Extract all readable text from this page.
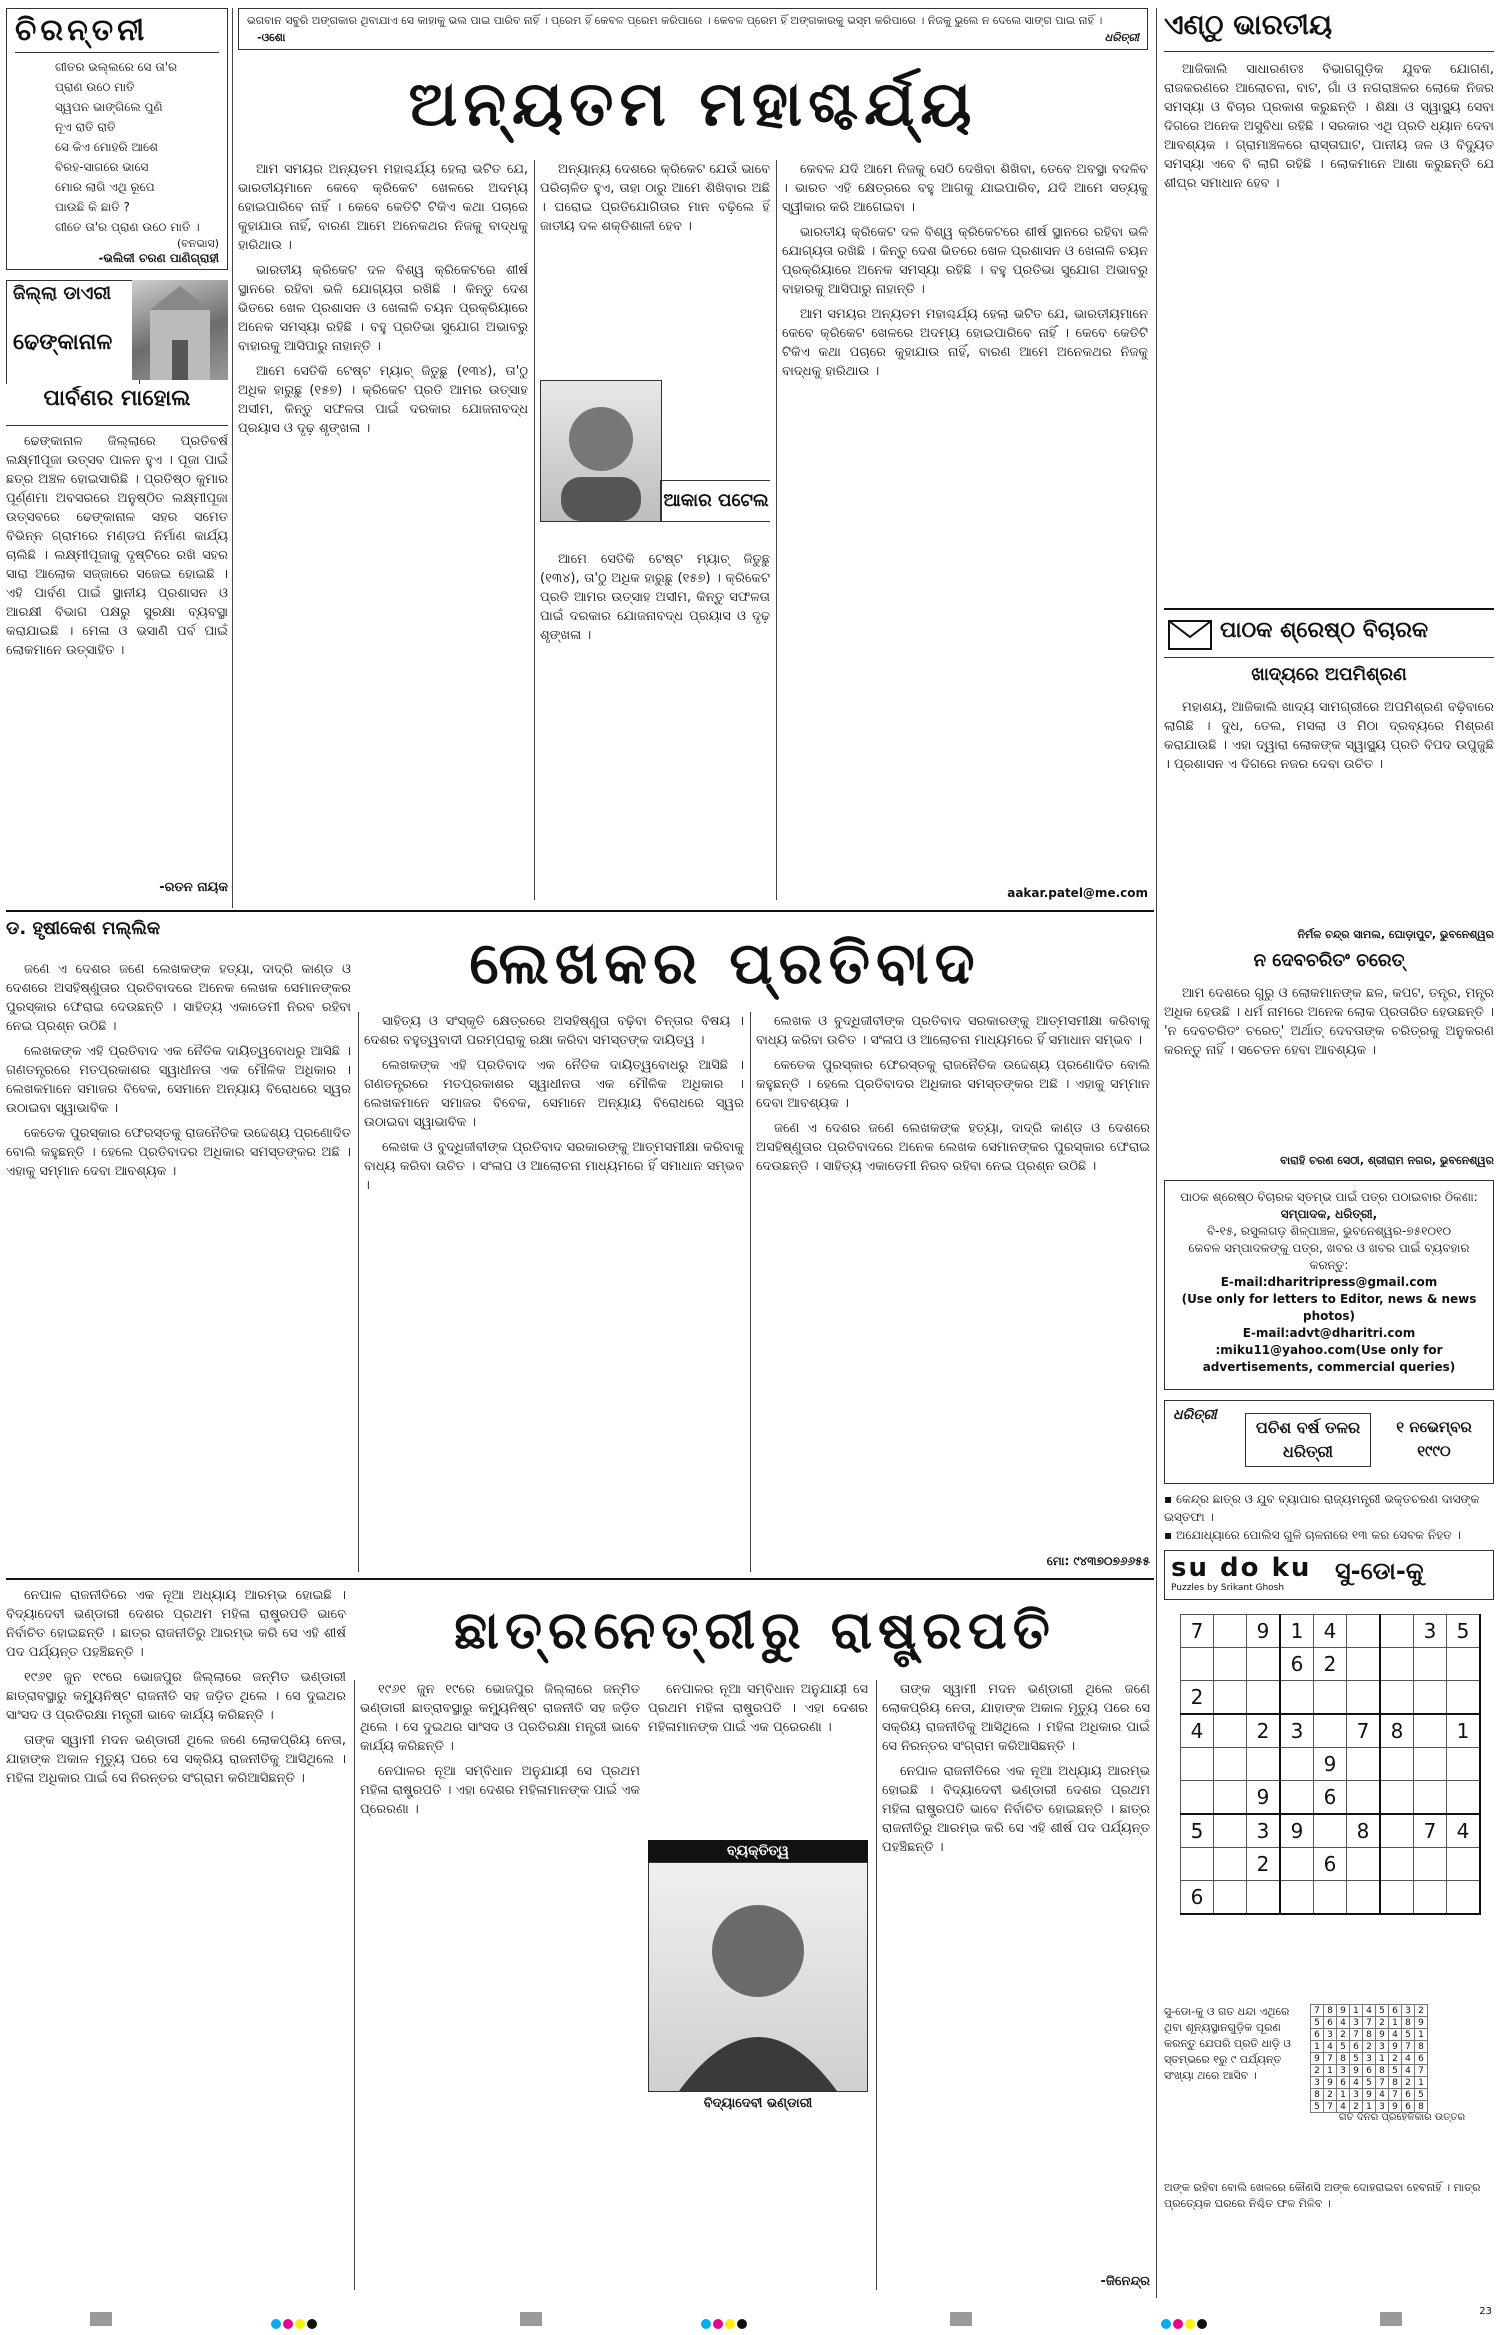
ଚିରନ୍ତନୀ
ଗୀତର ଭଲ୍ଲରେ ସେ ତା'ର
ପ୍ରାଣ ଉଠେ ମାତି
ସ୍ୱପନ ଭାଙ୍ଗିଲେ ପୁଣି
ନୂଏ ରାତି ରାତି
ସେ କିଏ ମୋହରି ଆଶେ
ବିରହ-ସାଗରେ ଭାସେ
ମୋର ଲାଗି ଏଥି ରୂପେ
ପାଉଛି କି ଛାତି ?
ଗୀତେ ତା'ର ପ୍ରାଣ ଉଠେ ମାତି ।
(ବନଭାସ)
-ଭଲିକୀ ଚରଣ ପାଣିଗ୍ରାହୀ
ଜିଲ୍ଲା ଡାଏରୀ
ଢେଙ୍କାନାଳ
ପାର୍ବଣର ମାହୋଲ

ଢେଙ୍କାନାଳ ଜିଲ୍ଲାରେ ପ୍ରତିବର୍ଷ ଲକ୍ଷ୍ମୀପୂଜା ଉତ୍ସବ ପାଳନ ହୁଏ । ପୂଜା ପାଇଁ ଛତ୍ର ଅଞ୍ଚଳ ହୋଇସାରିଛି । ପ୍ରତିଷ୍ଠ କୁମାର ପୂର୍ଣ୍ଣମା ଅବସରରେ ଅନୁଷ୍ଠିତ ଲକ୍ଷ୍ମୀପୂଜା ଉତ୍ସବରେ ଢେଙ୍କାନାଳ ସହର ସମେତ ବିଭିନ୍ନ ଗ୍ରାମରେ ମଣ୍ଡପ ନିର୍ମାଣ କାର୍ଯ୍ୟ ଚାଲିଛି । ଲକ୍ଷ୍ମୀପୂଜାକୁ ଦୃଷ୍ଟିରେ ରଖି ସହର ସାରା ଆଲୋକ ସଜ୍ଜାରେ ସଜେଇ ହୋଇଛି । ଏହି ପାର୍ବଣ ପାଇଁ ସ୍ଥାନୀୟ ପ୍ରଶାସନ ଓ ଆରକ୍ଷୀ ବିଭାଗ ପକ୍ଷରୁ ସୁରକ୍ଷା ବ୍ୟବସ୍ଥା କରାଯାଇଛି । ମେଳା ଓ ଭସାଣି ପର୍ବ ପାଇଁ ଲୋକମାନେ ଉତ୍ସାହିତ ।

-ରତନ ନାୟକ
ଭଗବାନ ସବୁରି ଅଙ୍ଗକାର ଥିବାଯାଏ ସେ କାହାକୁ ଭଲ ପାଇ ପାରିବ ନାହିଁ । ପ୍ରେମ ହିଁ କେବଳ ପ୍ରେମ କରିପାରେ । କେବଳ ପ୍ରେମ ହିଁ ଅଙ୍ଗକାରକୁ ଭସ୍ମ କରିପାରେ । ନିଜକୁ ଭୁଲେ ନ ଦେଲେ ସାଙ୍ଗ ପାଇ ନାହିଁ । -ଓଶୋ	ଧରିତ୍ରୀ
ଅନ୍ୟତମ ମହାଶ୍ଚର୍ଯ୍ୟ

ଆମ ସମୟର ଅନ୍ୟତମ ମହାଶ୍ଚର୍ଯ୍ୟ ହେଲା ଭଟିତ ଯେ, ଭାରତୀୟମାନେ କେବେ କ୍ରିକେଟ ଖେଳରେ ଅଦମ୍ୟ ହୋଇପାରିବେ ନାହିଁ । କେବେ କେତିଟି ଟିକିଏ କଥା ପଚାରେ କୁହାଯାଉ ନାହିଁ, ବାରଣ ଆମେ ଅନେକଥର ନିଜକୁ ବାଦ୍ଧକୁ ହାରିଥାଉ ।

ଭାରତୀୟ କ୍ରିକେଟ ଦଳ ବିଶ୍ୱ କ୍ରିକେଟରେ ଶୀର୍ଷ ସ୍ଥାନରେ ରହିବା ଭଳି ଯୋଗ୍ୟତା ରଖିଛି । କିନ୍ତୁ ଦେଶ ଭିତରେ ଖେଳ ପ୍ରଶାସନ ଓ ଖେଳାଳି ଚୟନ ପ୍ରକ୍ରିୟାରେ ଅନେକ ସମସ୍ୟା ରହିଛି । ବହୁ ପ୍ରତିଭା ସୁଯୋଗ ଅଭାବରୁ ବାହାରକୁ ଆସିପାରୁ ନାହାନ୍ତି ।

ଆମେ ସେତିକି ଟେଷ୍ଟ ମ୍ୟାଚ୍ ଜିତୁଛୁ (୧୩୪), ତା'ଠୁ ଅଧିକ ହାରୁଛୁ (୧୫୭) । କ୍ରିକେଟ ପ୍ରତି ଆମର ଉତ୍ସାହ ଅସୀମ, କିନ୍ତୁ ସଫଳତା ପାଇଁ ଦରକାର ଯୋଜନାବଦ୍ଧ ପ୍ରୟାସ ଓ ଦୃଢ଼ ଶୃଙ୍ଖଳା ।

ଆକାର ପଟେଲ

ଅନ୍ୟାନ୍ୟ ଦେଶରେ କ୍ରିକେଟ ଯେଉଁ ଭାବେ ପରିଚାଳିତ ହୁଏ, ତାହା ଠାରୁ ଆମେ ଶିଖିବାର ଅଛି । ଘରୋଇ ପ୍ରତିଯୋଗିତାର ମାନ ବଢ଼ିଲେ ହିଁ ଜାତୀୟ ଦଳ ଶକ୍ତିଶାଳୀ ହେବ ।

ଆମେ ସେତିକି ଟେଷ୍ଟ ମ୍ୟାଚ୍ ଜିତୁଛୁ (୧୩୪), ତା'ଠୁ ଅଧିକ ହାରୁଛୁ (୧୫୭) । କ୍ରିକେଟ ପ୍ରତି ଆମର ଉତ୍ସାହ ଅସୀମ, କିନ୍ତୁ ସଫଳତା ପାଇଁ ଦରକାର ଯୋଜନାବଦ୍ଧ ପ୍ରୟାସ ଓ ଦୃଢ଼ ଶୃଙ୍ଖଳା ।

କେବଳ ଯଦି ଆମେ ନିଜକୁ ସେଠି ଦେଖିବା ଶିଖିବା, ତେବେ ଅବସ୍ଥା ବଦଳିବ । ଭାରତ ଏହି କ୍ଷେତ୍ରରେ ବହୁ ଆଗକୁ ଯାଇପାରିବ, ଯଦି ଆମେ ସତ୍ୟକୁ ସ୍ୱୀକାର କରି ଆଗେଇବା ।

ଭାରତୀୟ କ୍ରିକେଟ ଦଳ ବିଶ୍ୱ କ୍ରିକେଟରେ ଶୀର୍ଷ ସ୍ଥାନରେ ରହିବା ଭଳି ଯୋଗ୍ୟତା ରଖିଛି । କିନ୍ତୁ ଦେଶ ଭିତରେ ଖେଳ ପ୍ରଶାସନ ଓ ଖେଳାଳି ଚୟନ ପ୍ରକ୍ରିୟାରେ ଅନେକ ସମସ୍ୟା ରହିଛି । ବହୁ ପ୍ରତିଭା ସୁଯୋଗ ଅଭାବରୁ ବାହାରକୁ ଆସିପାରୁ ନାହାନ୍ତି ।

ଆମ ସମୟର ଅନ୍ୟତମ ମହାଶ୍ଚର୍ଯ୍ୟ ହେଲା ଭଟିତ ଯେ, ଭାରତୀୟମାନେ କେବେ କ୍ରିକେଟ ଖେଳରେ ଅଦମ୍ୟ ହୋଇପାରିବେ ନାହିଁ । କେବେ କେତିଟି ଟିକିଏ କଥା ପଚାରେ କୁହାଯାଉ ନାହିଁ, ବାରଣ ଆମେ ଅନେକଥର ନିଜକୁ ବାଦ୍ଧକୁ ହାରିଥାଉ ।

aakar.patel@me.com
ଏଣ୍ଠୁ ଭାରତୀୟ

ଆଜିକାଲି ସାଧାରଣତଃ ବିଭାଗଗୁଡ଼ିକ ଯୁବକ ଯୋଗଣ, ରାଜକରଣରେ ଆଲୋଚନା, ବାଟ, ଗାଁ ଓ ନଗରାଞ୍ଚଳର ଲୋକେ ନିଜର ସମସ୍ୟା ଓ ବିଚାର ପ୍ରକାଶ କରୁଛନ୍ତି । ଶିକ୍ଷା ଓ ସ୍ୱାସ୍ଥ୍ୟ ସେବା ଦିଗରେ ଅନେକ ଅସୁବିଧା ରହିଛି । ସରକାର ଏଥି ପ୍ରତି ଧ୍ୟାନ ଦେବା ଆବଶ୍ୟକ । ଗ୍ରାମାଞ୍ଚଳରେ ରାସ୍ତାଘାଟ, ପାନୀୟ ଜଳ ଓ ବିଦ୍ୟୁତ ସମସ୍ୟା ଏବେ ବି ଲାଗି ରହିଛି । ଲୋକମାନେ ଆଶା କରୁଛନ୍ତି ଯେ ଶୀଘ୍ର ସମାଧାନ ହେବ ।

ପାଠକ ଶ୍ରେଷ୍ଠ ବିଚାରକ
ଖାଦ୍ୟରେ ଅପମିଶ୍ରଣ

ମହାଶୟ, ଆଜିକାଲି ଖାଦ୍ୟ ସାମଗ୍ରୀରେ ଅପମିଶ୍ରଣ ବଢ଼ିବାରେ ଲାଗିଛି । ଦୁଧ, ତେଲ, ମସଲା ଓ ମିଠା ଦ୍ରବ୍ୟରେ ମିଶ୍ରଣ କରାଯାଉଛି । ଏହା ଦ୍ୱାରା ଲୋକଙ୍କ ସ୍ୱାସ୍ଥ୍ୟ ପ୍ରତି ବିପଦ ଉପୁଜୁଛି । ପ୍ରଶାସନ ଏ ଦିଗରେ ନଜର ଦେବା ଉଚିତ ।

ନିର୍ମଳ ଚନ୍ଦ୍ର ସାମଲ, ଘୋଡ଼ାପୁଟ, ଭୁବନେଶ୍ୱର
ନ ଦେବଚରିତଂ ଚରେତ୍

ଆମ ଦେଶରେ ଗୁରୁ ଓ ଲୋକମାନଙ୍କ ଛଳ, କପଟ, ତନ୍ତ୍ର, ମନ୍ତ୍ର ଅଧିକ ହେଉଛି । ଧର୍ମ ନାମରେ ଅନେକ ଲୋକ ପ୍ରତାରିତ ହେଉଛନ୍ତି । 'ନ ଦେବଚରିତଂ ଚରେତ୍' ଅର୍ଥାତ୍ ଦେବତାଙ୍କ ଚରିତ୍ରକୁ ଅନୁକରଣ କରନ୍ତୁ ନାହିଁ । ସଚେତନ ହେବା ଆବଶ୍ୟକ ।

ବାରାହି ଚରଣ ସେଠୀ, ଶ୍ରୀରାମ ନଗର, ଭୁବନେଶ୍ୱର
ପାଠକ ଶ୍ରେଷ୍ଠ ବିଚାରକ ସ୍ତମ୍ଭ ପାଇଁ ପତ୍ର ପଠାଇବାର ଠିକଣା:
ସମ୍ପାଦକ, ଧରିତ୍ରୀ,
ବି-୧୫, ରସୁଲଗଡ଼ ଶିଳ୍ପାଞ୍ଚଳ, ଭୁବନେଶ୍ୱର-୭୫୧୦୧୦
କେବଳ ସମ୍ପାଦକଙ୍କୁ ପତ୍ର, ଖବର ଓ ଖବର ପାଇଁ ବ୍ୟବହାର କରନ୍ତୁ:
E-mail:dharitripress@gmail.com
(Use only for letters to Editor, news & news photos)
E-mail:advt@dharitri.com
:miku11@yahoo.com(Use only for advertisements, commercial queries)
ଧରିତ୍ରୀ
ପଚିଶ ବର୍ଷ ତଳର ଧରିତ୍ରୀ
୧ ନଭେମ୍ବର ୧୯୯୦
▪ କେନ୍ଦ୍ର ଛାତ୍ର ଓ ଯୁବ ବ୍ୟାପାର ରାଜ୍ୟମନ୍ତ୍ରୀ ଭକ୍ତଚରଣ ଦାସଙ୍କ ଇସ୍ତଫା ।
▪ ଅଯୋଧ୍ୟାରେ ପୋଲିସ ଗୁଳି ଚାଳନାରେ ୧୩ କର ସେବକ ନିହତ ।
su do ku
Puzzles by Srikant Ghosh
ସୁ-ଡୋ-କୁ
7		9	1	4			3	5
			6	2				
2								
4		2	3		7	8		1
				9				
		9		6				
5		3	9		8		7	4
		2		6				
6								
ସୁ-ଡୋ-କୁ ଓ ଗତ ଧନ୍ଦା ଏଥିରେ ଥିବା ଶୂନ୍ୟସ୍ଥାନଗୁଡ଼ିକ ପୂରଣ କରନ୍ତୁ ଯେପରି ପ୍ରତି ଧାଡ଼ି ଓ ସ୍ତମ୍ଭରେ ୧ରୁ ୯ ପର୍ଯ୍ୟନ୍ତ ସଂଖ୍ୟା ଥରେ ଆସିବ ।
7	8	9	1	4	5	6	3	2
5	6	4	3	7	2	1	8	9
6	3	2	7	8	9	4	5	1
1	4	5	6	2	3	9	7	8
9	7	8	5	3	1	2	4	6
2	1	3	9	6	8	5	4	7
3	9	6	4	5	7	8	2	1
8	2	1	3	9	4	7	6	5
5	7	4	2	1	3	9	6	8
ଗତ ଦିନର ପ୍ରହେଳିକାର ଉତ୍ତର
ଅଙ୍କ ରହିବା ବୋଲି ଖେଳରେ କୌଣସି ଅଙ୍କ ଦୋହରାଇବା ହେବନାହିଁ । ମାତ୍ର ପ୍ରତ୍ୟେକ ଘରରେ ନିଶ୍ଚିତ ଫଳ ମିଳିବ ।
ଡ. ହୃଷୀକେଶ ମଲ୍ଲିକ
ଲେଖକର ପ୍ରତିବାଦ

ଜଣେ ଏ ଦେଶର ଜଣେ ଲେଖକଙ୍କ ହତ୍ୟା, ଦାଦ୍ରି କାଣ୍ଡ ଓ ଦେଶରେ ଅସହିଷ୍ଣୁତାର ପ୍ରତିବାଦରେ ଅନେକ ଲେଖକ ସେମାନଙ୍କର ପୁରସ୍କାର ଫେରାଇ ଦେଉଛନ୍ତି । ସାହିତ୍ୟ ଏକାଡେମୀ ନିରବ ରହିବା ନେଇ ପ୍ରଶ୍ନ ଉଠିଛି ।

ଲେଖକଙ୍କ ଏହି ପ୍ରତିବାଦ ଏକ ନୈତିକ ଦାୟିତ୍ୱବୋଧରୁ ଆସିଛି । ଗଣତନ୍ତ୍ରରେ ମତପ୍ରକାଶର ସ୍ୱାଧୀନତା ଏକ ମୌଳିକ ଅଧିକାର । ଲେଖକମାନେ ସମାଜର ବିବେକ, ସେମାନେ ଅନ୍ୟାୟ ବିରୋଧରେ ସ୍ୱର ଉଠାଇବା ସ୍ୱାଭାବିକ ।

କେତେକ ପୁରସ୍କାର ଫେରସ୍ତକୁ ରାଜନୈତିକ ଉଦ୍ଦେଶ୍ୟ ପ୍ରଣୋଦିତ ବୋଲି କହୁଛନ୍ତି । ହେଲେ ପ୍ରତିବାଦର ଅଧିକାର ସମସ୍ତଙ୍କର ଅଛି । ଏହାକୁ ସମ୍ମାନ ଦେବା ଆବଶ୍ୟକ ।

ସାହିତ୍ୟ ଓ ସଂସ୍କୃତି କ୍ଷେତ୍ରରେ ଅସହିଷ୍ଣୁତା ବଢ଼ିବା ଚିନ୍ତାର ବିଷୟ । ଦେଶର ବହୁତ୍ୱବାଦୀ ପରମ୍ପରାକୁ ରକ୍ଷା କରିବା ସମସ୍ତଙ୍କ ଦାୟିତ୍ୱ ।

ଲେଖକଙ୍କ ଏହି ପ୍ରତିବାଦ ଏକ ନୈତିକ ଦାୟିତ୍ୱବୋଧରୁ ଆସିଛି । ଗଣତନ୍ତ୍ରରେ ମତପ୍ରକାଶର ସ୍ୱାଧୀନତା ଏକ ମୌଳିକ ଅଧିକାର । ଲେଖକମାନେ ସମାଜର ବିବେକ, ସେମାନେ ଅନ୍ୟାୟ ବିରୋଧରେ ସ୍ୱର ଉଠାଇବା ସ୍ୱାଭାବିକ ।

ଲେଖକ ଓ ବୁଦ୍ଧିଜୀବୀଙ୍କ ପ୍ରତିବାଦ ସରକାରଙ୍କୁ ଆତ୍ମସମୀକ୍ଷା କରିବାକୁ ବାଧ୍ୟ କରିବା ଉଚିତ । ସଂଳାପ ଓ ଆଲୋଚନା ମାଧ୍ୟମରେ ହିଁ ସମାଧାନ ସମ୍ଭବ ।

ଲେଖକ ଓ ବୁଦ୍ଧିଜୀବୀଙ୍କ ପ୍ରତିବାଦ ସରକାରଙ୍କୁ ଆତ୍ମସମୀକ୍ଷା କରିବାକୁ ବାଧ୍ୟ କରିବା ଉଚିତ । ସଂଳାପ ଓ ଆଲୋଚନା ମାଧ୍ୟମରେ ହିଁ ସମାଧାନ ସମ୍ଭବ ।

କେତେକ ପୁରସ୍କାର ଫେରସ୍ତକୁ ରାଜନୈତିକ ଉଦ୍ଦେଶ୍ୟ ପ୍ରଣୋଦିତ ବୋଲି କହୁଛନ୍ତି । ହେଲେ ପ୍ରତିବାଦର ଅଧିକାର ସମସ୍ତଙ୍କର ଅଛି । ଏହାକୁ ସମ୍ମାନ ଦେବା ଆବଶ୍ୟକ ।

ଜଣେ ଏ ଦେଶର ଜଣେ ଲେଖକଙ୍କ ହତ୍ୟା, ଦାଦ୍ରି କାଣ୍ଡ ଓ ଦେଶରେ ଅସହିଷ୍ଣୁତାର ପ୍ରତିବାଦରେ ଅନେକ ଲେଖକ ସେମାନଙ୍କର ପୁରସ୍କାର ଫେରାଇ ଦେଉଛନ୍ତି । ସାହିତ୍ୟ ଏକାଡେମୀ ନିରବ ରହିବା ନେଇ ପ୍ରଶ୍ନ ଉଠିଛି ।

ମୋ: ୯୪୩୭୦୭୬୬୫୫

ନେପାଳ ରାଜନୀତିରେ ଏକ ନୂଆ ଅଧ୍ୟାୟ ଆରମ୍ଭ ହୋଇଛି । ବିଦ୍ୟାଦେବୀ ଭଣ୍ଡାରୀ ଦେଶର ପ୍ରଥମ ମହିଳା ରାଷ୍ଟ୍ରପତି ଭାବେ ନିର୍ବାଚିତ ହୋଇଛନ୍ତି । ଛାତ୍ର ରାଜନୀତିରୁ ଆରମ୍ଭ କରି ସେ ଏହି ଶୀର୍ଷ ପଦ ପର୍ଯ୍ୟନ୍ତ ପହଞ୍ଚିଛନ୍ତି ।

୧୯୬୧ ଜୁନ ୧୯ରେ ଭୋଜପୁର ଜିଲ୍ଲାରେ ଜନ୍ମିତ ଭଣ୍ଡାରୀ ଛାତ୍ରାବସ୍ଥାରୁ କମ୍ୟୁନିଷ୍ଟ ରାଜନୀତି ସହ ଜଡ଼ିତ ଥିଲେ । ସେ ଦୁଇଥର ସାଂସଦ ଓ ପ୍ରତିରକ୍ଷା ମନ୍ତ୍ରୀ ଭାବେ କାର୍ଯ୍ୟ କରିଛନ୍ତି ।

ତାଙ୍କ ସ୍ୱାମୀ ମଦନ ଭଣ୍ଡାରୀ ଥିଲେ ଜଣେ ଲୋକପ୍ରିୟ ନେତା, ଯାହାଙ୍କ ଅକାଳ ମୃତ୍ୟୁ ପରେ ସେ ସକ୍ରିୟ ରାଜନୀତିକୁ ଆସିଥିଲେ । ମହିଳା ଅଧିକାର ପାଇଁ ସେ ନିରନ୍ତର ସଂଗ୍ରାମ କରିଆସିଛନ୍ତି ।

ଛାତ୍ରନେତ୍ରୀରୁ ରାଷ୍ଟ୍ରପତି

୧୯୬୧ ଜୁନ ୧୯ରେ ଭୋଜପୁର ଜିଲ୍ଲାରେ ଜନ୍ମିତ ଭଣ୍ଡାରୀ ଛାତ୍ରାବସ୍ଥାରୁ କମ୍ୟୁନିଷ୍ଟ ରାଜନୀତି ସହ ଜଡ଼ିତ ଥିଲେ । ସେ ଦୁଇଥର ସାଂସଦ ଓ ପ୍ରତିରକ୍ଷା ମନ୍ତ୍ରୀ ଭାବେ କାର୍ଯ୍ୟ କରିଛନ୍ତି ।

ନେପାଳର ନୂଆ ସମ୍ବିଧାନ ଅନୁଯାୟୀ ସେ ପ୍ରଥମ ମହିଳା ରାଷ୍ଟ୍ରପତି । ଏହା ଦେଶର ମହିଳାମାନଙ୍କ ପାଇଁ ଏକ ପ୍ରେରଣା ।

ବ୍ୟକ୍ତିତ୍ୱ
ବିଦ୍ୟାଦେବୀ ଭଣ୍ଡାରୀ

ନେପାଳର ନୂଆ ସମ୍ବିଧାନ ଅନୁଯାୟୀ ସେ ପ୍ରଥମ ମହିଳା ରାଷ୍ଟ୍ରପତି । ଏହା ଦେଶର ମହିଳାମାନଙ୍କ ପାଇଁ ଏକ ପ୍ରେରଣା ।

ତାଙ୍କ ସ୍ୱାମୀ ମଦନ ଭଣ୍ଡାରୀ ଥିଲେ ଜଣେ ଲୋକପ୍ରିୟ ନେତା, ଯାହାଙ୍କ ଅକାଳ ମୃତ୍ୟୁ ପରେ ସେ ସକ୍ରିୟ ରାଜନୀତିକୁ ଆସିଥିଲେ । ମହିଳା ଅଧିକାର ପାଇଁ ସେ ନିରନ୍ତର ସଂଗ୍ରାମ କରିଆସିଛନ୍ତି ।

ନେପାଳ ରାଜନୀତିରେ ଏକ ନୂଆ ଅଧ୍ୟାୟ ଆରମ୍ଭ ହୋଇଛି । ବିଦ୍ୟାଦେବୀ ଭଣ୍ଡାରୀ ଦେଶର ପ୍ରଥମ ମହିଳା ରାଷ୍ଟ୍ରପତି ଭାବେ ନିର୍ବାଚିତ ହୋଇଛନ୍ତି । ଛାତ୍ର ରାଜନୀତିରୁ ଆରମ୍ଭ କରି ସେ ଏହି ଶୀର୍ଷ ପଦ ପର୍ଯ୍ୟନ୍ତ ପହଞ୍ଚିଛନ୍ତି ।

-ଜିନେନ୍ଦ୍ର
23
